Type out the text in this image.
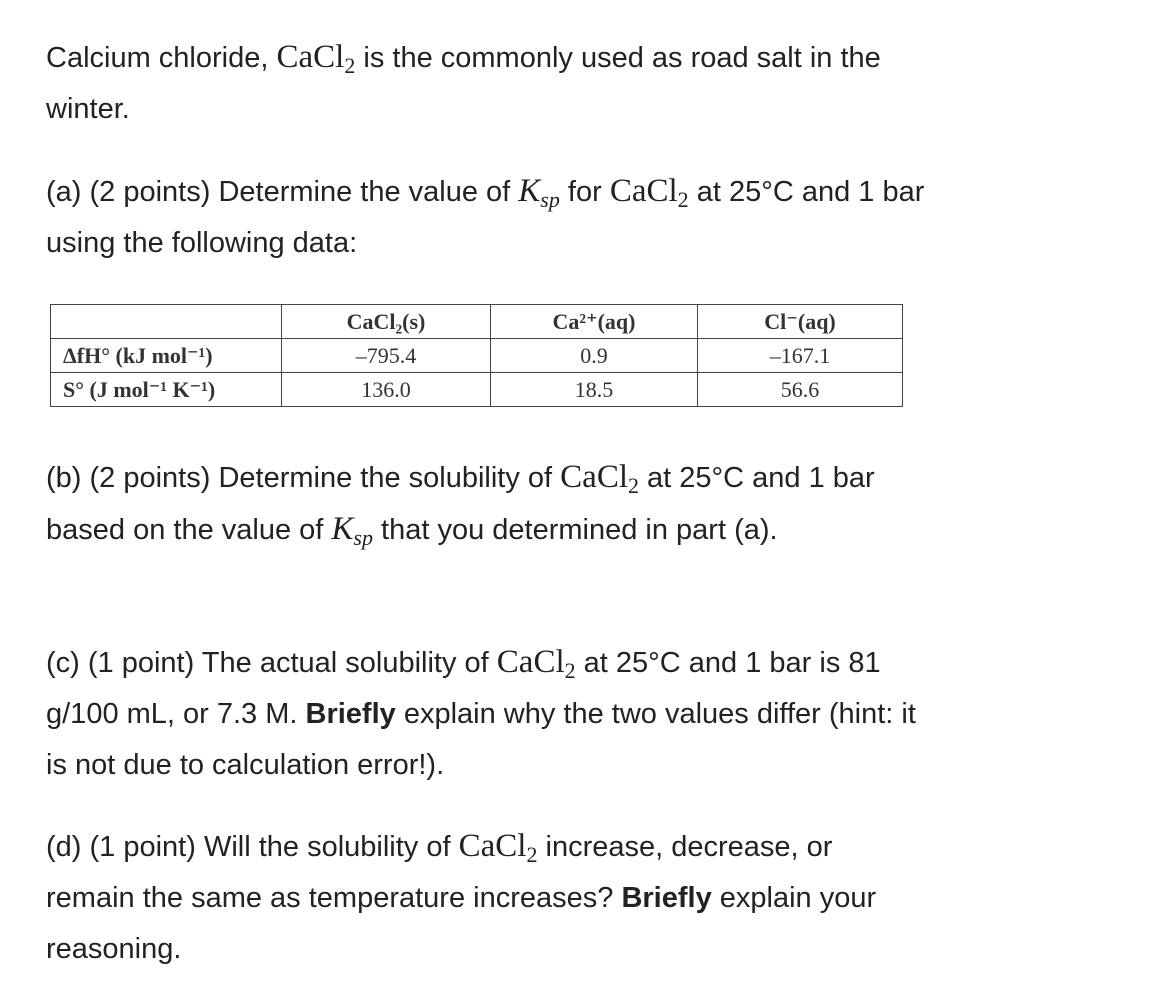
Calcium chloride, CaCl$_2$ is the commonly used as road salt in the winter.

(a) (2 points) Determine the value of $K_{sp}$ for CaCl$_2$ at 25°C and 1 bar using the following data:

	CaCl₂(s)	Ca²⁺(aq)	Cl⁻(aq)
ΔfH° (kJ mol⁻¹)	–795.4	0.9	–167.1
S° (J mol⁻¹ K⁻¹)	136.0	18.5	56.6

(b) (2 points) Determine the solubility of CaCl$_2$ at 25°C and 1 bar based on the value of $K_{sp}$ that you determined in part (a).

(c) (1 point) The actual solubility of CaCl$_2$ at 25°C and 1 bar is 81 g/100 mL, or 7.3 M. Briefly explain why the two values differ (hint: it is not due to calculation error!).

(d) (1 point) Will the solubility of CaCl$_2$ increase, decrease, or remain the same as temperature increases? Briefly explain your reasoning.
